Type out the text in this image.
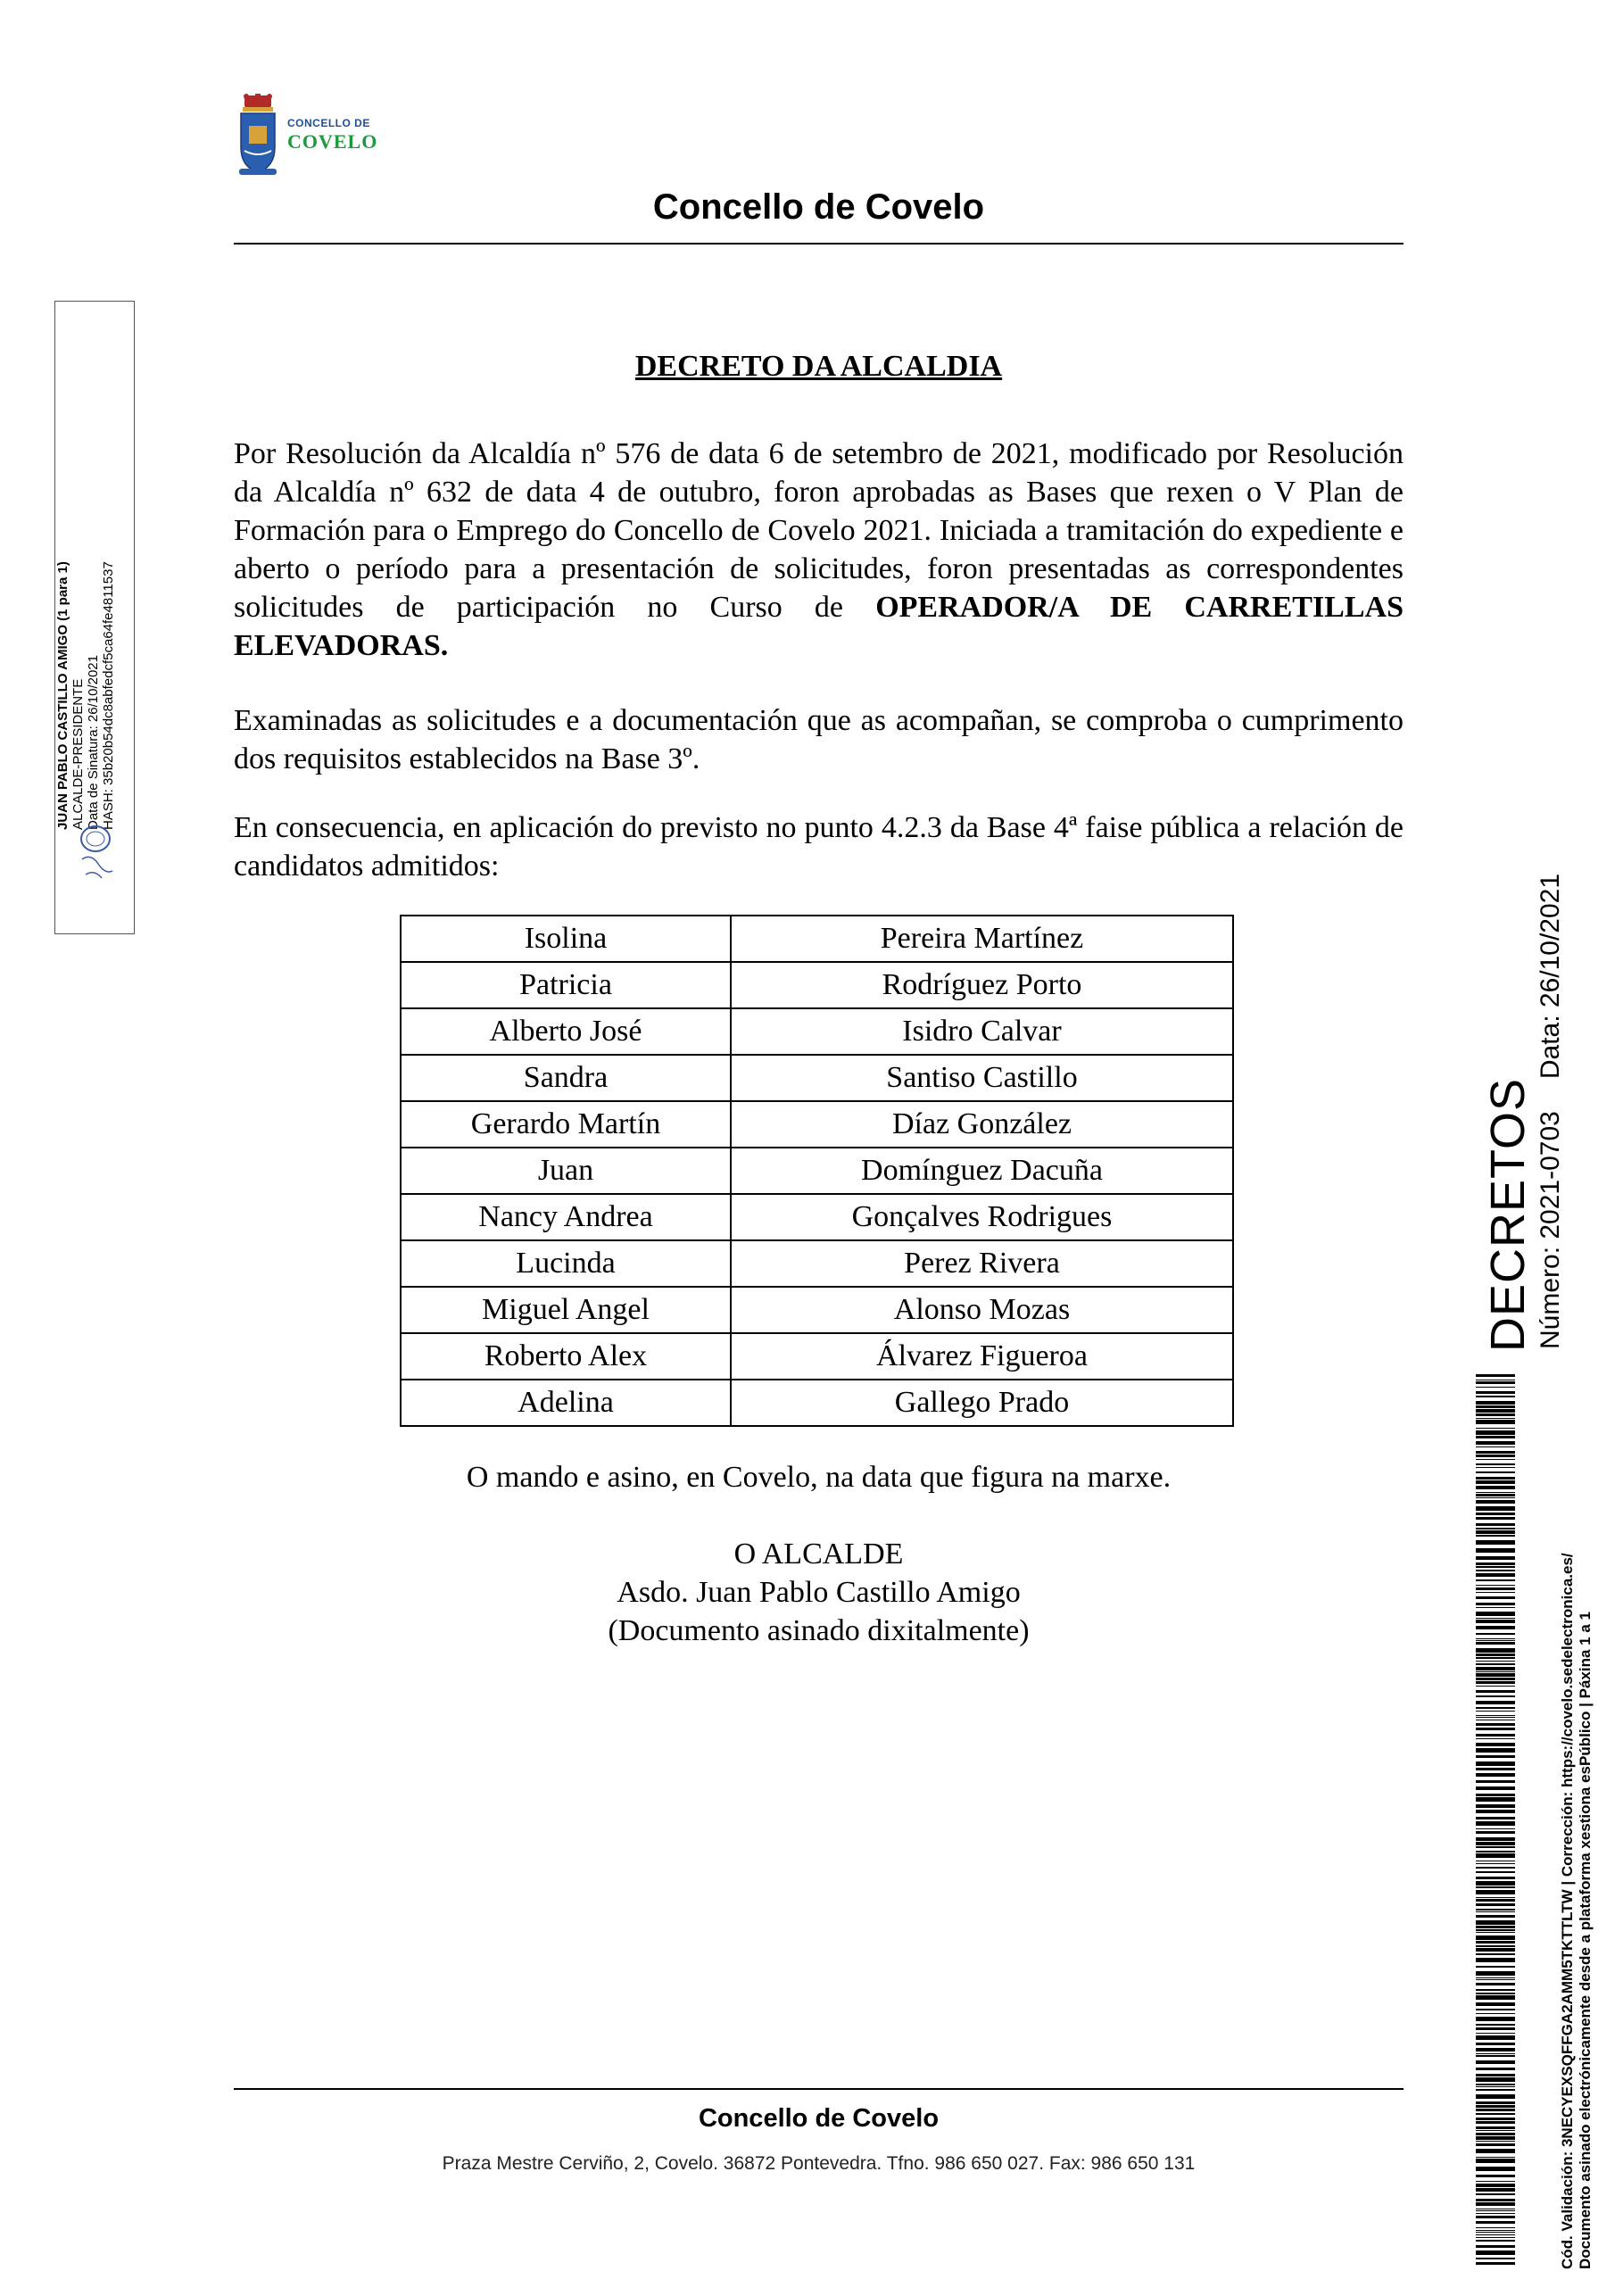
CONCELLO DE
COVELO
Concello de Covelo
JUAN PABLO CASTILLO AMIGO (1 para 1) ALCALDE-PRESIDENTE Data de Sinatura: 26/10/2021 HASH: 35b20b54dc8abfedcf5ca64fe4811537
DECRETO DA ALCALDIA
Por Resolución da Alcaldía nº 576 de data 6 de setembro de 2021, modificado por Resolución da Alcaldía nº 632 de data 4 de outubro, foron aprobadas as Bases que rexen o V Plan de Formación para o Emprego do Concello de Covelo 2021. Iniciada a tramitación do expediente e aberto o período para a presentación de solicitudes, foron presentadas as correspondentes solicitudes de participación no Curso de OPERADOR/A DE CARRETILLAS ELEVADORAS.
Examinadas as solicitudes e a documentación que as acompañan, se comproba o cumprimento dos requisitos establecidos na Base 3º.
En consecuencia, en aplicación do previsto no punto 4.2.3 da Base 4ª faise pública a relación de candidatos admitidos:
Isolina	Pereira Martínez
Patricia	Rodríguez Porto
Alberto José	Isidro Calvar
Sandra	Santiso Castillo
Gerardo Martín	Díaz González
Juan	Domínguez Dacuña
Nancy Andrea	Gonçalves Rodrigues
Lucinda	Perez Rivera
Miguel Angel	Alonso Mozas
Roberto Alex	Álvarez Figueroa
Adelina	Gallego Prado
O mando e asino, en Covelo, na data que figura na marxe.
O ALCALDE
Asdo. Juan Pablo Castillo Amigo
(Documento asinado dixitalmente)
Concello de Covelo
Praza Mestre Cerviño, 2, Covelo. 36872 Pontevedra. Tfno. 986 650 027. Fax: 986 650 131
DECRETOS Número: 2021-0703Data: 26/10/2021
Cód. Validación: 3NECYEXSQFFGA2AMM5TKTTLTW | Corrección: https://covelo.sedelectronica.es/ Documento asinado electrónicamente desde a plataforma xestiona esPúblico | Páxina 1 a 1
